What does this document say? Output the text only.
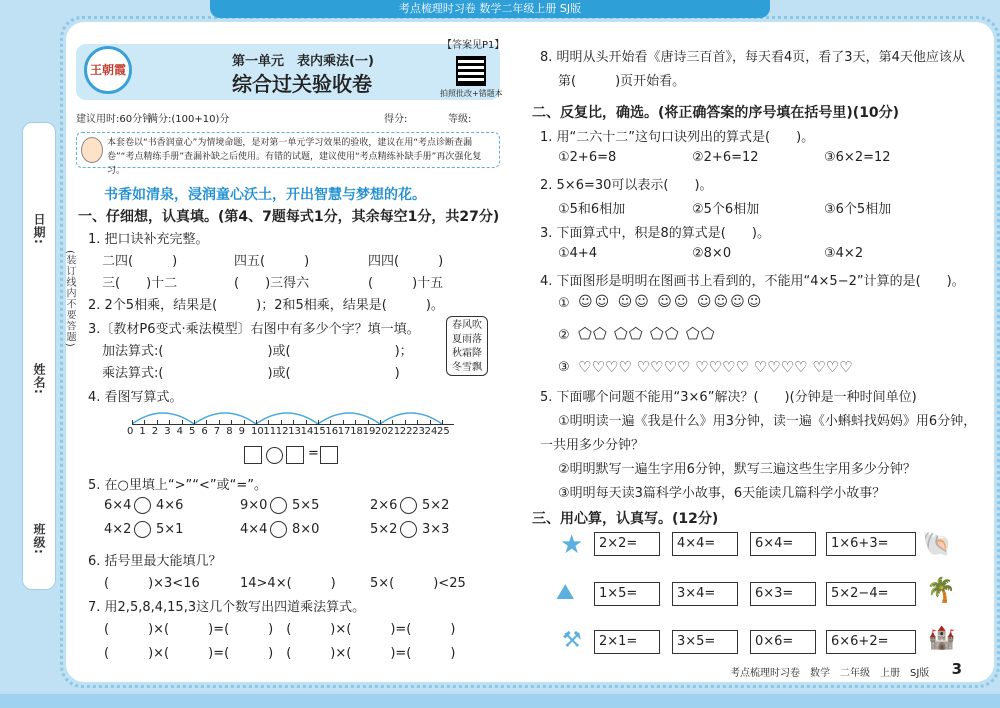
考点梳理时习卷 数学二年级上册 SJ版
日期:
姓名:
班级:
(装订线内不要答题)
王朝霞
【答案见P1】
第一单元　表内乘法(一)
综合过关验收卷	拍照批改+错题本
建议用时:60分钟
满分:(100+10)分	得分:	等级:
本套卷以“书香润童心”为情境命题，是对第一单元学习效果的验收，建议在用“考点诊断查漏卷”“考点精练手册”查漏补缺之后使用。有错的试题，建议使用“考点精练补缺手册”再次强化复习。
书香如清泉，浸润童心沃土，开出智慧与梦想的花。
一、仔细想，认真填。(第4、7题每式1分，其余每空1分，共27分)
1. 把口诀补充完整。
二四(　　　)	四五(　　　)	四四(　　　)
三(　　)十二	(　　)三得六	(　　　)十五
2. 2个5相乘，结果是(　　　)；2和5相乘，结果是(　　　)。
3.〔教材P6变式·乘法模型〕右图中有多少个字？填一填。
加法算式:(　　　　　　　　)或(　　　　　　　　)；
乘法算式:(　　　　　　　　)或(　　　　　　　　)
春风吹
夏雨落
秋霜降
冬雪飘
4. 看图写算式。
0 1 2 3 4 5 6 7 8 9 10 11 12 13 14 15 16 17 18 19 20 21 22 23 24 25
=
5. 在○里填上“>”“<”或“=”。
6×4 4×6	9×0 5×5	2×6 5×2
4×2 5×1	4×4 8×0	5×2 3×3
6. 括号里最大能填几？
(　　　)×3<16	14>4×(　　　)	5×(　　　)<25
7. 用2,5,8,4,15,3这几个数写出四道乘法算式。
(　　　)×(　　　)=(　　　)　(　　　)×(　　　)=(　　　)
(　　　)×(　　　)=(　　　)　(　　　)×(　　　)=(　　　)
8. 明明从头开始看《唐诗三百首》，每天看4页，看了3天，第4天他应该从
第(　　　)页开始看。
二、反复比，确选。(将正确答案的序号填在括号里)(10分)
1. 用“二六十二”这句口诀列出的算式是(　　)。
①2+6=8	②2+6=12	③6×2=12
2. 5×6=30可以表示(　　)。
①5和6相加	②5个6相加	③6个5相加
3. 下面算式中，积是8的算式是(　　)。
①4+4	②8×0	③4×2
4. 下面图形是明明在图画书上看到的，不能用“4×5−2”计算的是(　　)。
① ☺☺ ☺☺ ☺☺ ☺☺☺☺
② ⬠⬠ ⬠⬠ ⬠⬠ ⬠⬠
③ ♡♡♡♡ ♡♡♡♡ ♡♡♡♡ ♡♡♡♡ ♡♡♡
5. 下面哪个问题不能用“3×6”解决？(　　)(分钟是一种时间单位)
①明明读一遍《我是什么》用3分钟，读一遍《小蝌蚪找妈妈》用6分钟，
一共用多少分钟？
②明明默写一遍生字用6分钟，默写三遍这些生字用多少分钟？
③明明每天读3篇科学小故事，6天能读几篇科学小故事？
三、用心算，认真写。(12分)
★	🐚
⛰	🌴
⚒	🏰
2×2=	4×4=	6×4=	1×6+3=
1×5=	3×4=	6×3=	5×2−4=
2×1=	3×5=	0×6=	6×6+2=
考点梳理时习卷　数学　二年级　上册　SJ版 3
